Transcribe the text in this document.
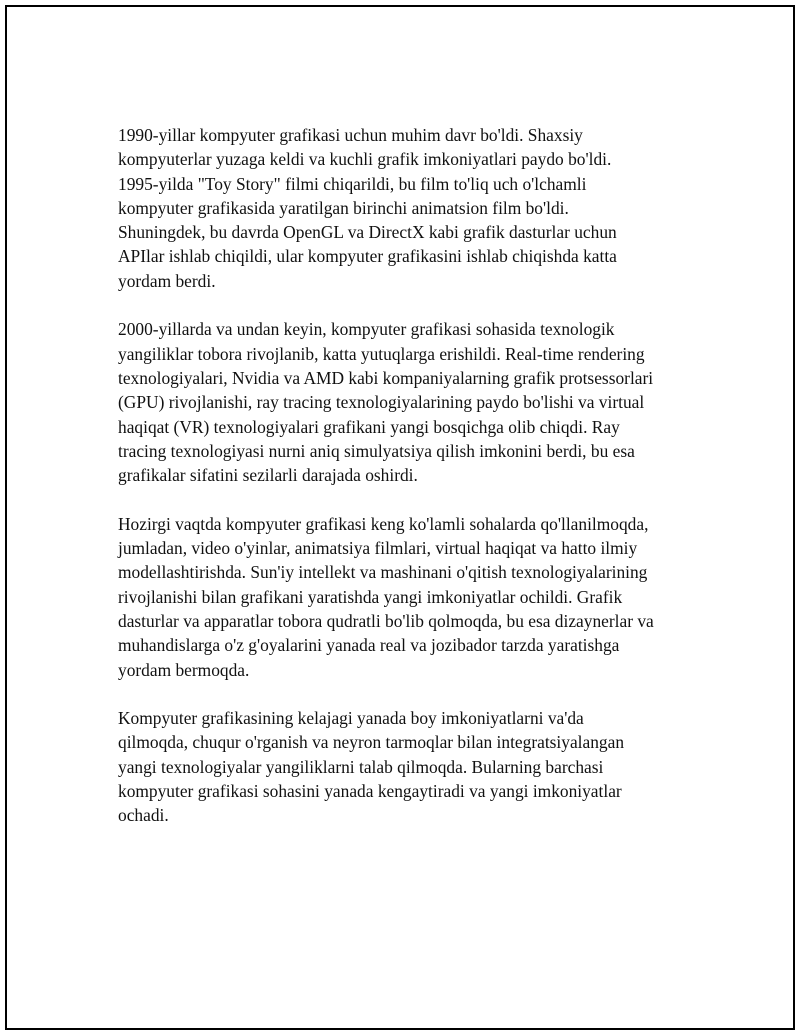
1990-yillar kompyuter grafikasi uchun muhim davr bo'ldi. Shaxsiy
kompyuterlar yuzaga keldi va kuchli grafik imkoniyatlari paydo bo'ldi.
1995-yilda "Toy Story" filmi chiqarildi, bu film to'liq uch o'lchamli
kompyuter grafikasida yaratilgan birinchi animatsion film bo'ldi.
Shuningdek, bu davrda OpenGL va DirectX kabi grafik dasturlar uchun
APIlar ishlab chiqildi, ular kompyuter grafikasini ishlab chiqishda katta
yordam berdi.

2000-yillarda va undan keyin, kompyuter grafikasi sohasida texnologik
yangiliklar tobora rivojlanib, katta yutuqlarga erishildi. Real-time rendering
texnologiyalari, Nvidia va AMD kabi kompaniyalarning grafik protsessorlari
(GPU) rivojlanishi, ray tracing texnologiyalarining paydo bo'lishi va virtual
haqiqat (VR) texnologiyalari grafikani yangi bosqichga olib chiqdi. Ray
tracing texnologiyasi nurni aniq simulyatsiya qilish imkonini berdi, bu esa
grafikalar sifatini sezilarli darajada oshirdi.

Hozirgi vaqtda kompyuter grafikasi keng ko'lamli sohalarda qo'llanilmoqda,
jumladan, video o'yinlar, animatsiya filmlari, virtual haqiqat va hatto ilmiy
modellashtirishda. Sun'iy intellekt va mashinani o'qitish texnologiyalarining
rivojlanishi bilan grafikani yaratishda yangi imkoniyatlar ochildi. Grafik
dasturlar va apparatlar tobora qudratli bo'lib qolmoqda, bu esa dizaynerlar va
muhandislarga o'z g'oyalarini yanada real va jozibador tarzda yaratishga
yordam bermoqda.

Kompyuter grafikasining kelajagi yanada boy imkoniyatlarni va'da
qilmoqda, chuqur o'rganish va neyron tarmoqlar bilan integratsiyalangan
yangi texnologiyalar yangiliklarni talab qilmoqda. Bularning barchasi
kompyuter grafikasi sohasini yanada kengaytiradi va yangi imkoniyatlar
ochadi.
